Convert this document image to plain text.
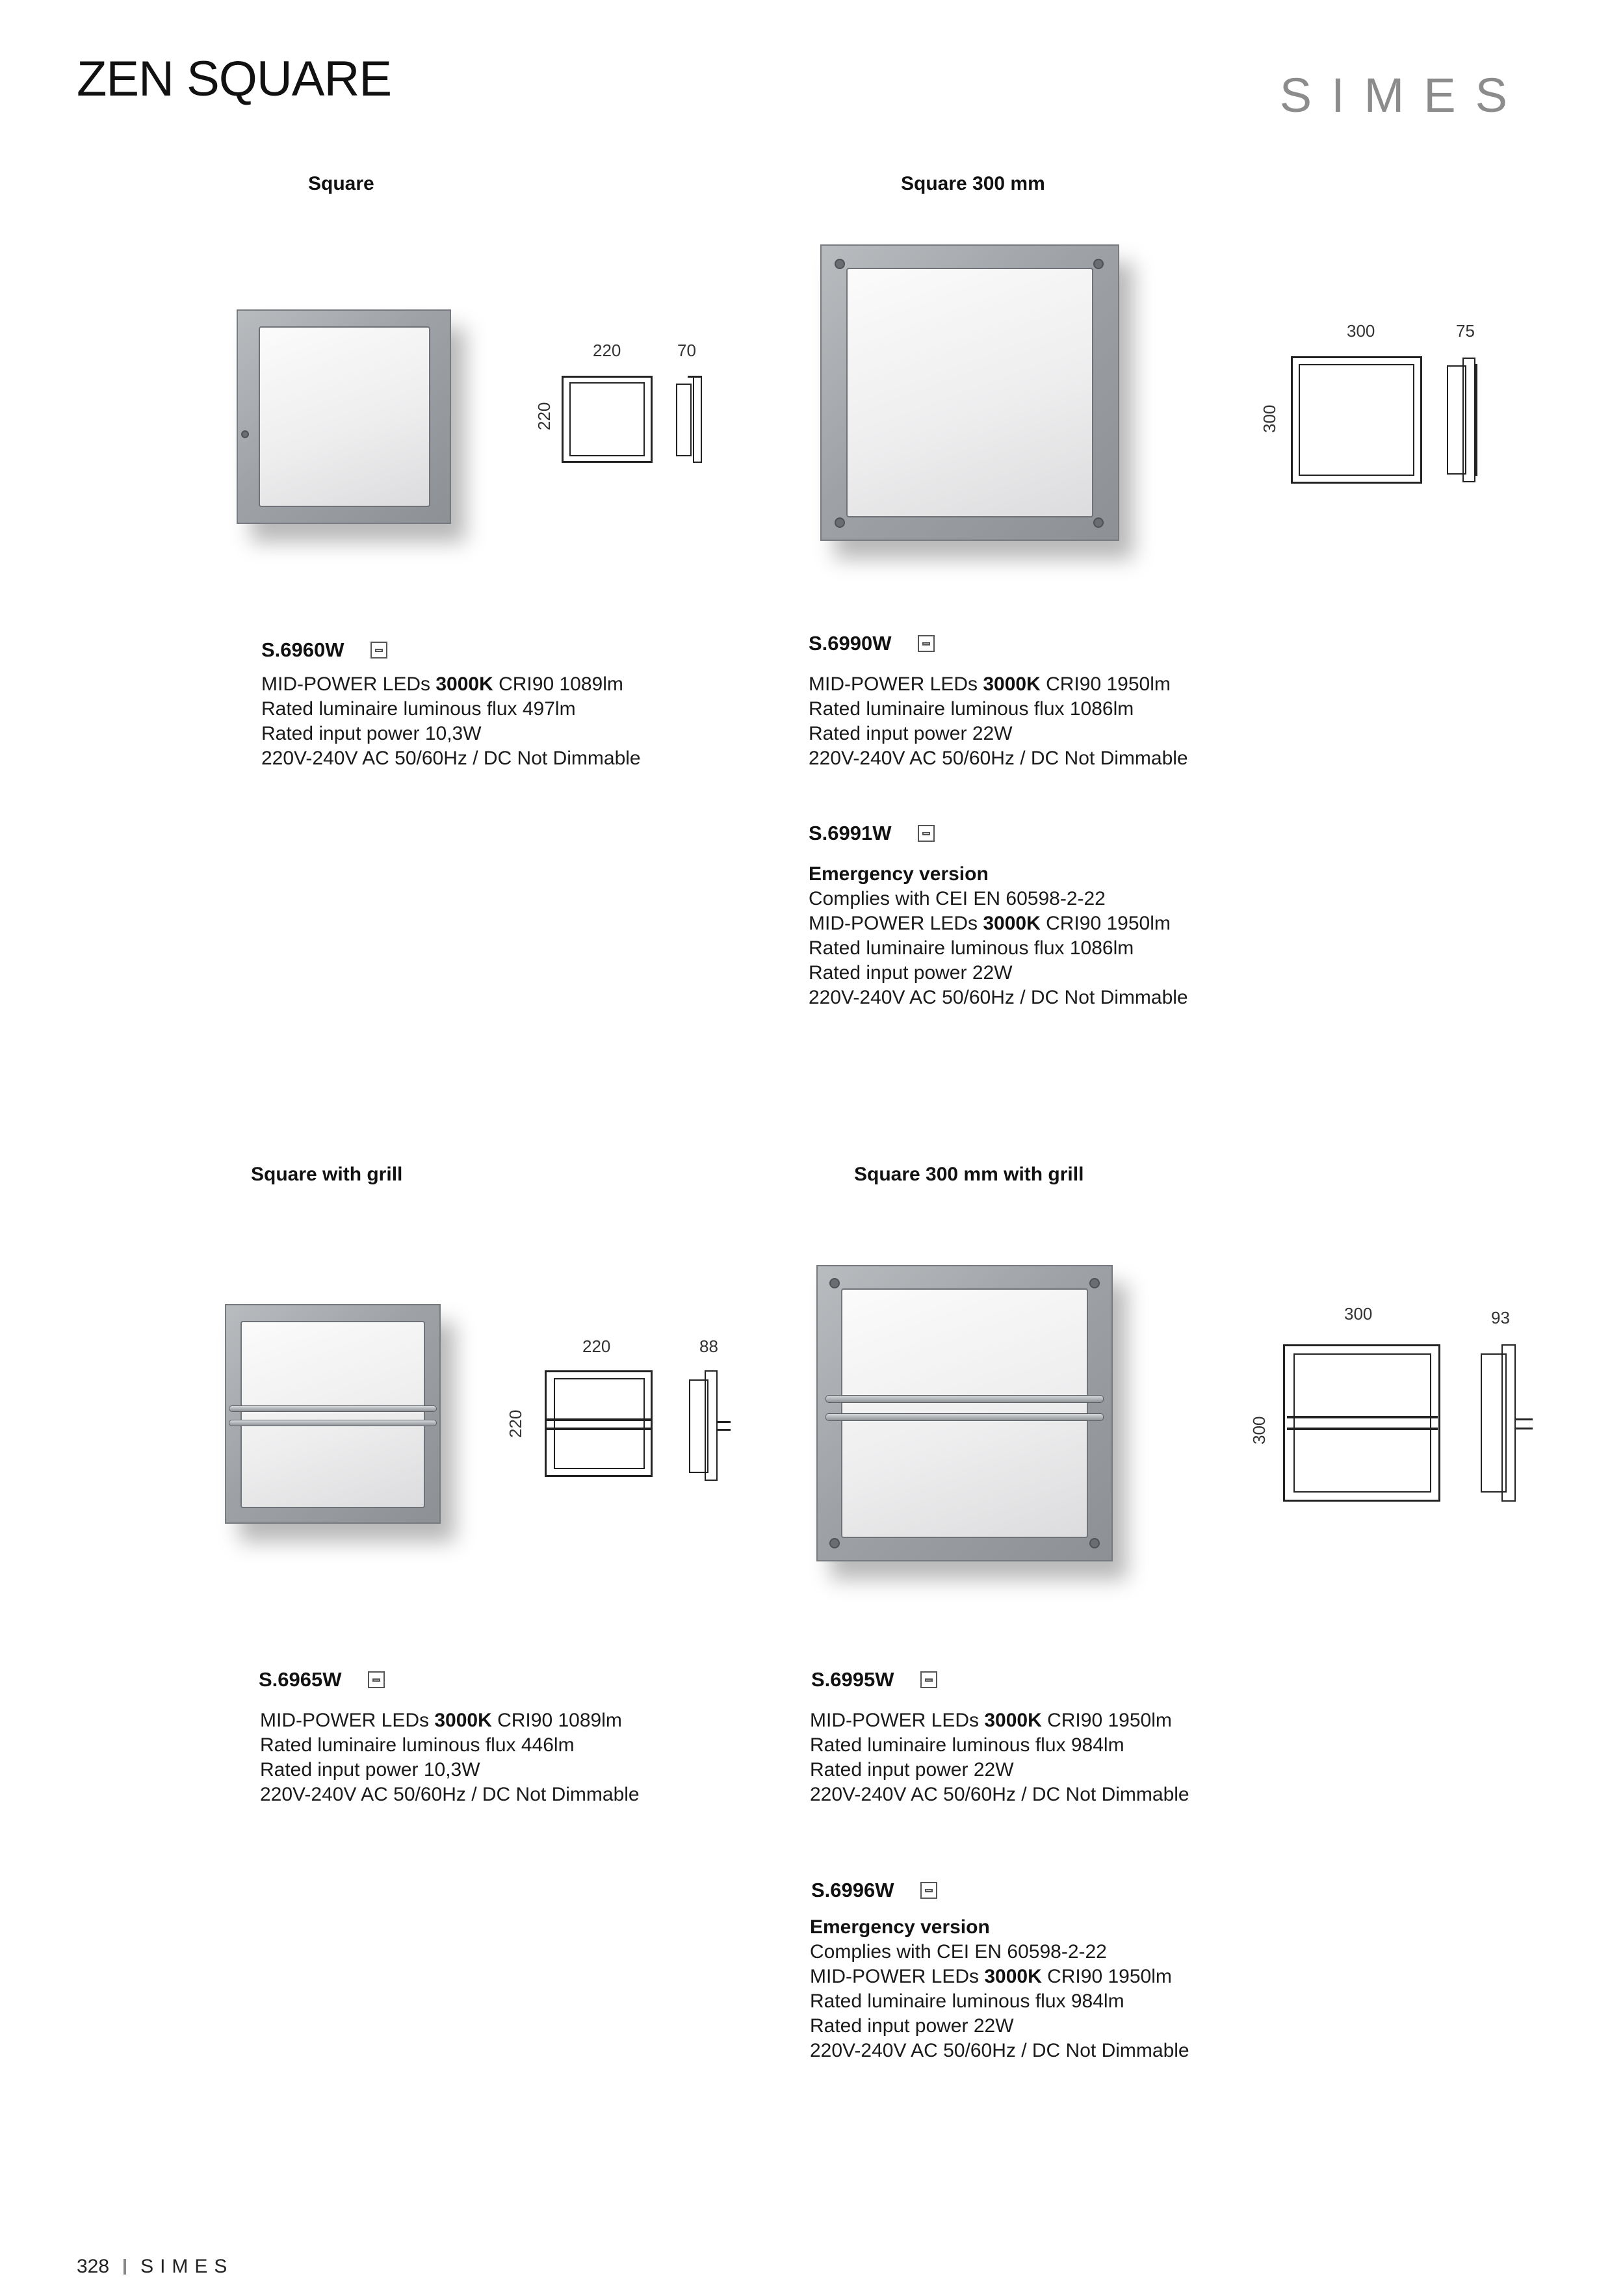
ZEN SQUARE	SIMES
Square
220	70
220
S.6960W
MID-POWER LEDs 3000K CRI90 1089lm
Rated luminaire luminous flux 497lm
Rated input power 10,3W
220V-240V AC 50/60Hz / DC Not Dimmable
Square 300 mm
300	75
300
S.6990W
MID-POWER LEDs 3000K CRI90 1950lm
Rated luminaire luminous flux 1086lm
Rated input power 22W
220V-240V AC 50/60Hz / DC Not Dimmable
S.6991W
Emergency version
Complies with CEI EN 60598-2-22
MID-POWER LEDs 3000K CRI90 1950lm
Rated luminaire luminous flux 1086lm
Rated input power 22W
220V-240V AC 50/60Hz / DC Not Dimmable
Square with grill
220	88
220
S.6965W
MID-POWER LEDs 3000K CRI90 1089lm
Rated luminaire luminous flux 446lm
Rated input power 10,3W
220V-240V AC 50/60Hz / DC Not Dimmable
Square 300 mm with grill
300	93
300
S.6995W
MID-POWER LEDs 3000K CRI90 1950lm
Rated luminaire luminous flux 984lm
Rated input power 22W
220V-240V AC 50/60Hz / DC Not Dimmable
S.6996W
Emergency version
Complies with CEI EN 60598-2-22
MID-POWER LEDs 3000K CRI90 1950lm
Rated luminaire luminous flux 984lm
Rated input power 22W
220V-240V AC 50/60Hz / DC Not Dimmable
328 SIMES
